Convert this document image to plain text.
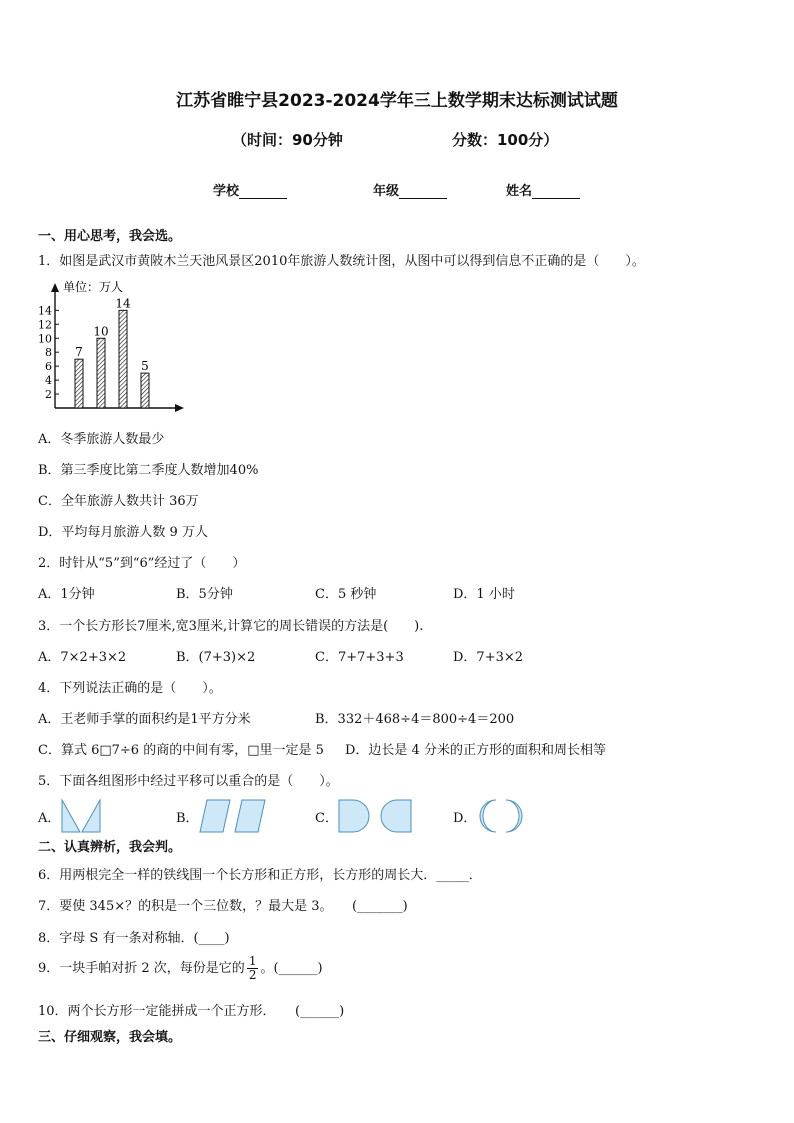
江苏省睢宁县2023-2024学年三上数学期末达标测试试题
（时间：90分钟	分数：100分）
学校	年级	姓名
一、用心思考，我会选。
1．如图是武汉市黄陂木兰天池风景区2010年旅游人数统计图，从图中可以得到信息不正确的是（　　）。
单位：万人
2
4
6
8
10
12
14
7
10
14
5
A．冬季旅游人数最少
B．第三季度比第二季度人数增加40%
C．全年旅游人数共计 36万
D．平均每月旅游人数 9 万人
2．时针从“5”到“6”经过了（　　）
A．1分钟	B．5分钟	C．5 秒钟	D．1 小时
3．一个长方形长7厘米,宽3厘米,计算它的周长错误的方法是(　　).
A．7×2+3×2	B．(7+3)×2	C．7+7+3+3	D．7+3×2
4．下列说法正确的是（　　）。
A．王老师手掌的面积约是1平方分米	B．332＋468÷4＝800÷4＝200
C．算式 6□7÷6 的商的中间有零，□里一定是 5 D．边长是 4 分米的正方形的面积和周长相等
5．下面各组图形中经过平移可以重合的是（　　）。
A．	B．	C．	D．
二、认真辨析，我会判。
6．用两根完全一样的铁线围一个长方形和正方形，长方形的周长大．_____．
7．要使 345×？的积是一个三位数，？最大是 3。　　(_______)
8．字母 S 有一条对称轴．(____)
9．一块手帕对折 2 次，每份是它的 $\frac{1}{2}$ 。(______)
10．两个长方形一定能拼成一个正方形．　　(______)
三、仔细观察，我会填。
